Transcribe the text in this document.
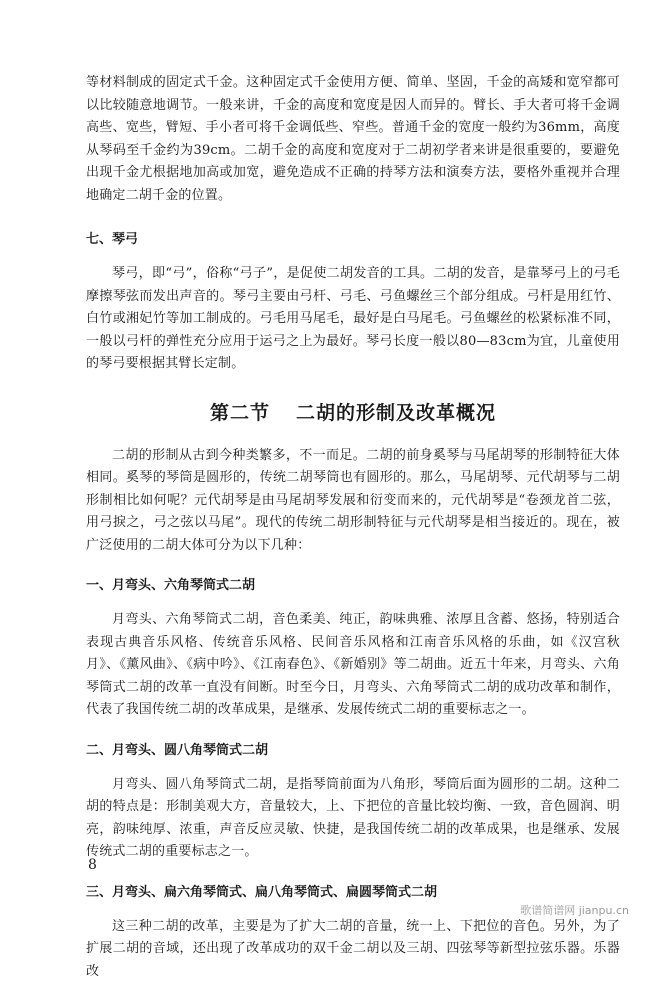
等材料制成的固定式千金。这种固定式千金使用方便、简单、坚固，千金的高矮和宽窄都可以比较随意地调节。一般来讲，千金的高度和宽度是因人而异的。臂长、手大者可将千金调高些、宽些，臂短、手小者可将千金调低些、窄些。普通千金的宽度一般约为36mm，高度从琴码至千金约为39cm。二胡千金的高度和宽度对于二胡初学者来讲是很重要的，要避免出现千金尤根据地加高或加宽，避免造成不正确的持琴方法和演奏方法，要格外重视并合理地确定二胡千金的位置。

七、琴弓

琴弓，即“弓”，俗称“弓子”，是促使二胡发音的工具。二胡的发音，是靠琴弓上的弓毛摩擦琴弦而发出声音的。琴弓主要由弓杆、弓毛、弓鱼螺丝三个部分组成。弓杆是用红竹、白竹或湘妃竹等加工制成的。弓毛用马尾毛，最好是白马尾毛。弓鱼螺丝的松紧标准不同，一般以弓杆的弹性充分应用于运弓之上为最好。琴弓长度一般以80—83cm为宜，儿童使用的琴弓要根据其臂长定制。

第二节 二胡的形制及改革概况

二胡的形制从古到今种类繁多，不一而足。二胡的前身奚琴与马尾胡琴的形制特征大体相同。奚琴的琴筒是圆形的，传统二胡琴筒也有圆形的。那么，马尾胡琴、元代胡琴与二胡形制相比如何呢？元代胡琴是由马尾胡琴发展和衍变而来的，元代胡琴是“卷颈龙首二弦，用弓捩之，弓之弦以马尾”。现代的传统二胡形制特征与元代胡琴是相当接近的。现在，被广泛使用的二胡大体可分为以下几种：

一、月弯头、六角琴筒式二胡

月弯头、六角琴筒式二胡，音色柔美、纯正，韵味典雅、浓厚且含蓄、悠扬，特别适合表现古典音乐风格、传统音乐风格、民间音乐风格和江南音乐风格的乐曲，如《汉宫秋月》、《薰风曲》、《病中吟》、《江南春色》、《新婚别》等二胡曲。近五十年来，月弯头、六角琴筒式二胡的改革一直没有间断。时至今日，月弯头、六角琴筒式二胡的成功改革和制作，代表了我国传统二胡的改革成果，是继承、发展传统式二胡的重要标志之一。

二、月弯头、圆八角琴筒式二胡

月弯头、圆八角琴筒式二胡，是指琴筒前面为八角形，琴筒后面为圆形的二胡。这种二胡的特点是：形制美观大方，音量较大，上、下把位的音量比较均衡、一致，音色圆润、明亮，韵味纯厚、浓重，声音反应灵敏、快捷，是我国传统二胡的改革成果，也是继承、发展传统式二胡的重要标志之一。

三、月弯头、扁六角琴筒式、扁八角琴筒式、扁圆琴筒式二胡

这三种二胡的改革，主要是为了扩大二胡的音量，统一上、下把位的音色。另外，为了扩展二胡的音域，还出现了改革成功的双千金二胡以及三胡、四弦琴等新型拉弦乐器。乐器改

8
歌谱简谱网 jianpu.cn
